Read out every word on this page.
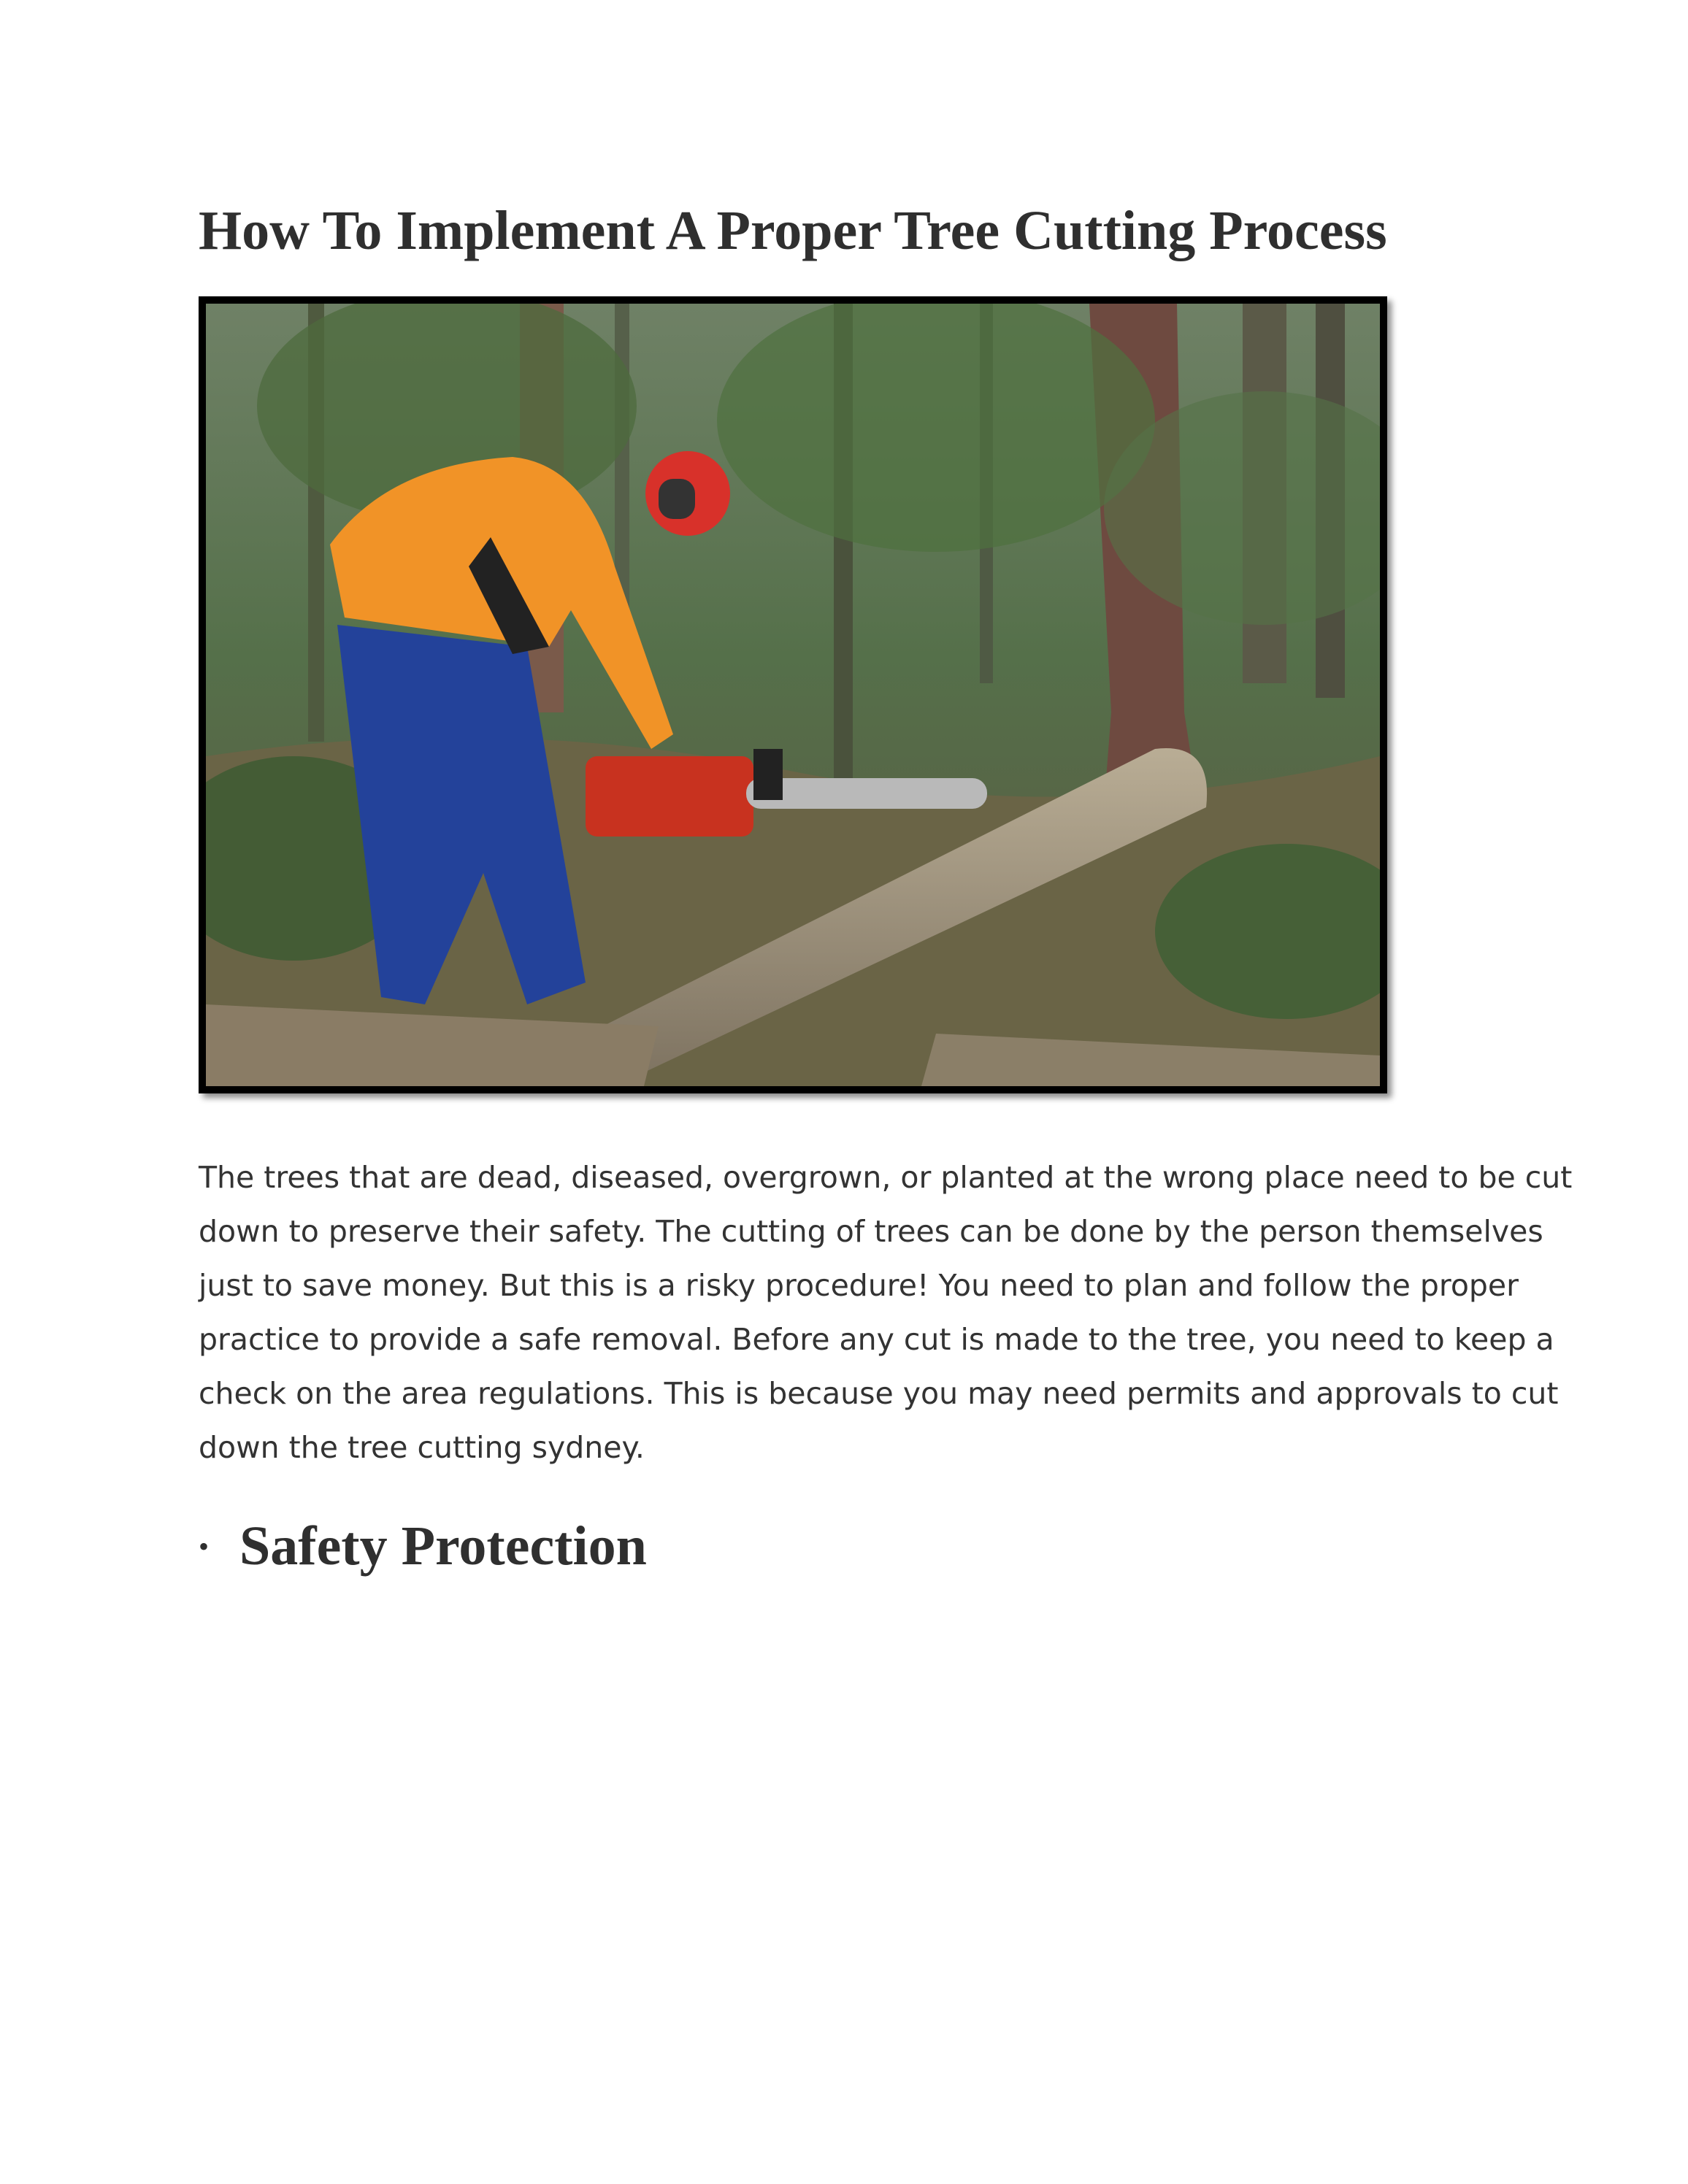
How To Implement A Proper Tree Cutting Process

The trees that are dead, diseased, overgrown, or planted at the wrong place need to be cut
down to preserve their safety. The cutting of trees can be done by the person themselves
just to save money. But this is a risky procedure! You need to plan and follow the proper
practice to provide a safe removal. Before any cut is made to the tree, you need to keep a
check on the area regulations. This is because you may need permits and approvals to cut
down the tree cutting sydney.

• Safety Protection
